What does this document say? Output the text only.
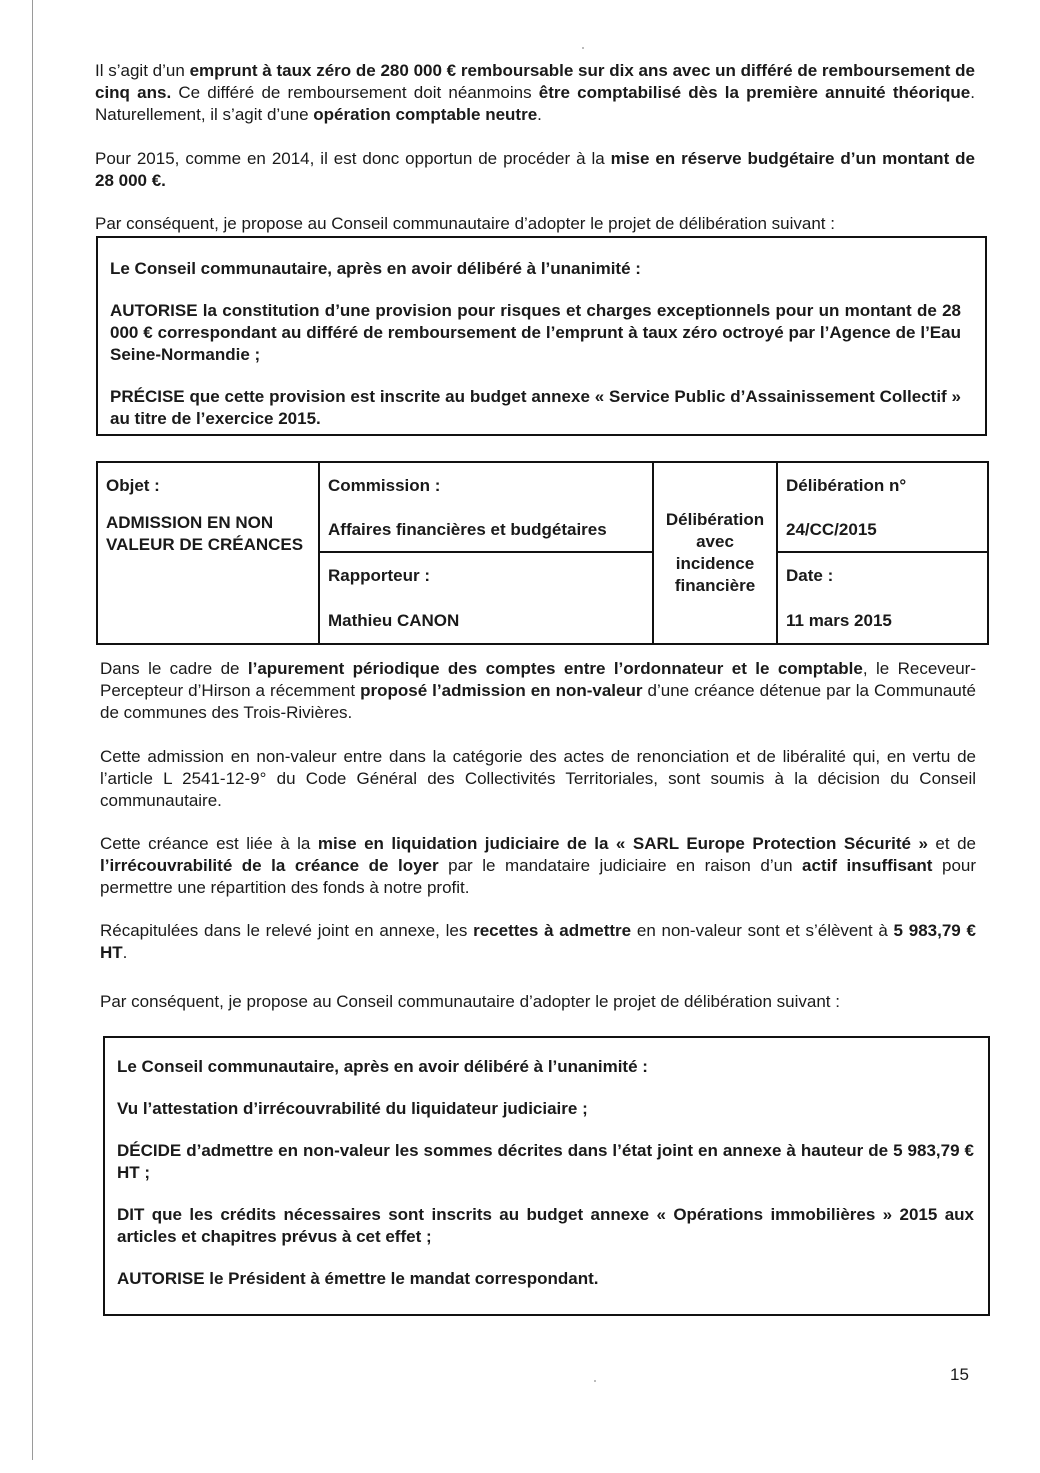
Il s’agit d’un emprunt à taux zéro de 280 000 € remboursable sur dix ans avec un différé de remboursement de cinq ans. Ce différé de remboursement doit néanmoins être comptabilisé dès la première annuité théorique. Naturellement, il s’agit d’une opération comptable neutre.

Pour 2015, comme en 2014, il est donc opportun de procéder à la mise en réserve budgétaire d’un montant de 28 000 €.

Par conséquent, je propose au Conseil communautaire d’adopter le projet de délibération suivant :

Le Conseil communautaire, après en avoir délibéré à l’unanimité :

AUTORISE la constitution d’une provision pour risques et charges exceptionnels pour un montant de 28 000 € correspondant au différé de remboursement de l’emprunt à taux zéro octroyé par l’Agence de l’Eau Seine-Normandie ;

PRÉCISE que cette provision est inscrite au budget annexe « Service Public d’Assainissement Collectif » au titre de l’exercice 2015.

Objet :	Commission :	Délibération avec incidence financière	Délibération n°
ADMISSION EN NON VALEUR DE CRÉANCES	Affaires financières et budgétaires		24/CC/2015
	Rapporteur :		Date :
	Mathieu CANON		11 mars 2015

Dans le cadre de l’apurement périodique des comptes entre l’ordonnateur et le comptable, le Receveur-Percepteur d’Hirson a récemment proposé l’admission en non-valeur d’une créance détenue par la Communauté de communes des Trois-Rivières.

Cette admission en non-valeur entre dans la catégorie des actes de renonciation et de libéralité qui, en vertu de l’article L 2541-12-9° du Code Général des Collectivités Territoriales, sont soumis à la décision du Conseil communautaire.

Cette créance est liée à la mise en liquidation judiciaire de la « SARL Europe Protection Sécurité » et de l’irrécouvrabilité de la créance de loyer par le mandataire judiciaire en raison d’un actif insuffisant pour permettre une répartition des fonds à notre profit.

Récapitulées dans le relevé joint en annexe, les recettes à admettre en non-valeur sont et s’élèvent à 5 983,79 € HT.

Par conséquent, je propose au Conseil communautaire d’adopter le projet de délibération suivant :

Le Conseil communautaire, après en avoir délibéré à l’unanimité :

Vu l’attestation d’irrécouvrabilité du liquidateur judiciaire ;

DÉCIDE d’admettre en non-valeur les sommes décrites dans l’état joint en annexe à hauteur de 5 983,79 € HT ;

DIT que les crédits nécessaires sont inscrits au budget annexe « Opérations immobilières » 2015 aux articles et chapitres prévus à cet effet ;

AUTORISE le Président à émettre le mandat correspondant.

15
